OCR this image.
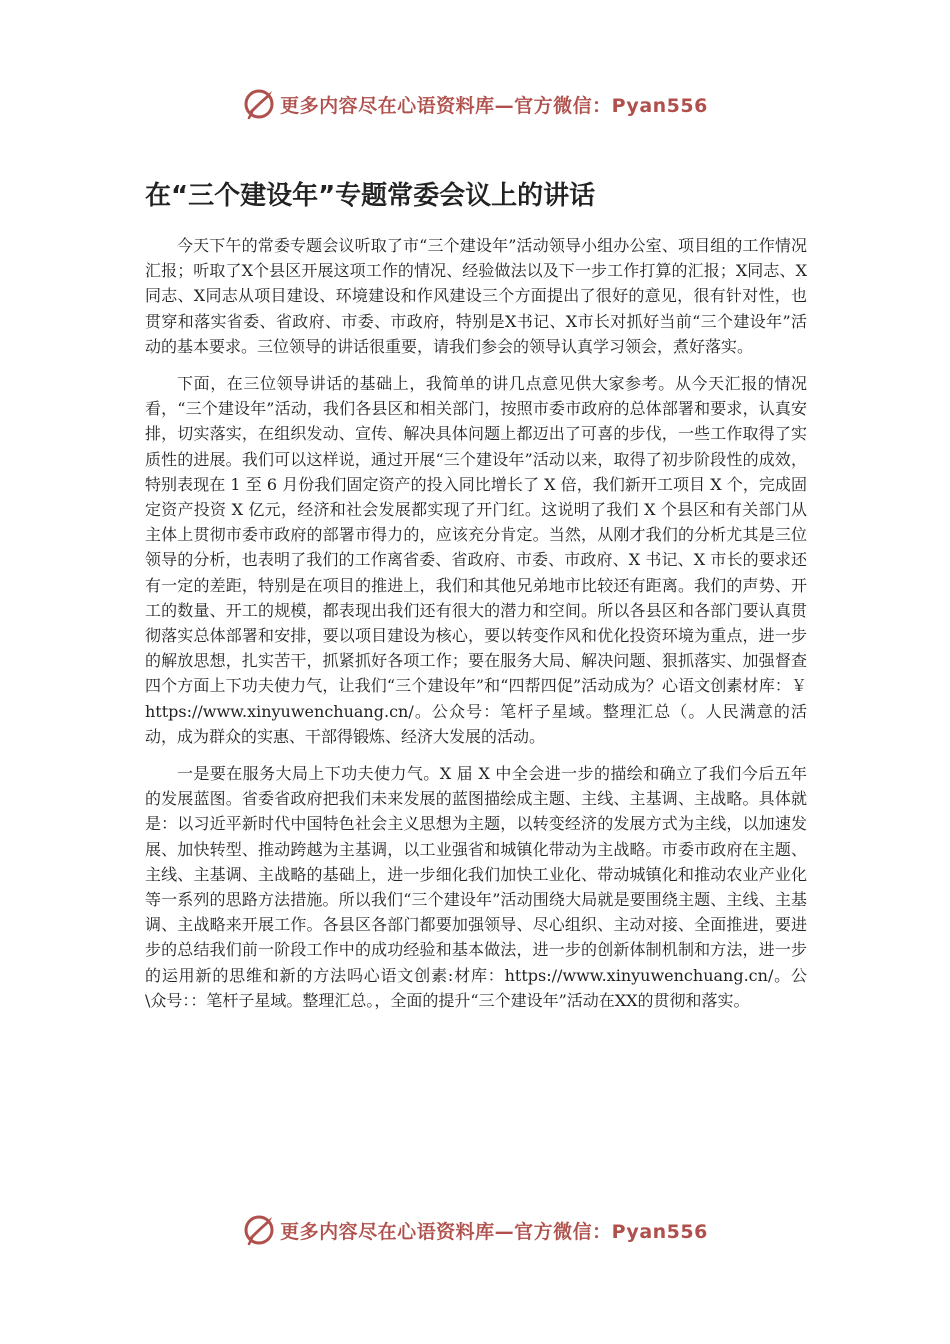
更多内容尽在心语资料库—官方微信：Pyan556
在“三个建设年”专题常委会议上的讲话

今天下午的常委专题会议听取了市“三个建设年”活动领导小组办公室、项目组的工作情况汇报；听取了X个县区开展这项工作的情况、经验做法以及下一步工作打算的汇报；X同志、X同志、X同志从项目建设、环境建设和作风建设三个方面提出了很好的意见，很有针对性，也贯穿和落实省委、省政府、市委、市政府，特别是X书记、X市长对抓好当前“三个建设年”活动的基本要求。三位领导的讲话很重要，请我们参会的领导认真学习领会，煮好落实。

下面，在三位领导讲话的基础上，我简单的讲几点意见供大家参考。从今天汇报的情况看，“三个建设年”活动，我们各县区和相关部门，按照市委市政府的总体部署和要求，认真安排，切实落实，在组织发动、宣传、解决具体问题上都迈出了可喜的步伐，一些工作取得了实质性的进展。我们可以这样说，通过开展“三个建设年”活动以来，取得了初步阶段性的成效，特别表现在 1 至 6 月份我们固定资产的投入同比增长了 X 倍，我们新开工项目 X 个，完成固定资产投资 X 亿元，经济和社会发展都实现了开门红。这说明了我们 X 个县区和有关部门从主体上贯彻市委市政府的部署市得力的，应该充分肯定。当然，从刚才我们的分析尤其是三位领导的分析，也表明了我们的工作离省委、省政府、市委、市政府、X 书记、X 市长的要求还有一定的差距，特别是在项目的推进上，我们和其他兄弟地市比较还有距离。我们的声势、开工的数量、开工的规模，都表现出我们还有很大的潜力和空间。所以各县区和各部门要认真贯彻落实总体部署和安排，要以项目建设为核心，要以转变作风和优化投资环境为重点，进一步的解放思想，扎实苦干，抓紧抓好各项工作；要在服务大局、解决问题、狠抓落实、加强督查四个方面上下功夫使力气，让我们“三个建设年”和“四帮四促”活动成为？心语文创素材库：￥ https://www.xinyuwenchuang.cn/。公众号：笔杆子星域。整理汇总（。人民满意的活动，成为群众的实惠、干部得锻炼、经济大发展的活动。

一是要在服务大局上下功夫使力气。X 届 X 中全会进一步的描绘和确立了我们今后五年的发展蓝图。省委省政府把我们未来发展的蓝图描绘成主题、主线、主基调、主战略。具体就是：以习近平新时代中国特色社会主义思想为主题，以转变经济的发展方式为主线，以加速发展、加快转型、推动跨越为主基调，以工业强省和城镇化带动为主战略。市委市政府在主题、主线、主基调、主战略的基础上，进一步细化我们加快工业化、带动城镇化和推动农业产业化等一系列的思路方法措施。所以我们“三个建设年”活动围绕大局就是要围绕主题、主线、主基调、主战略来开展工作。各县区各部门都要加强领导、尽心组织、主动对接、全面推进，要进步的总结我们前一阶段工作中的成功经验和基本做法，进一步的创新体制机制和方法，进一步的运用新的思维和新的方法吗心语文创素:材库：https://www.xinyuwenchuang.cn/。公\众号：：笔杆子星域。整理汇总。，全面的提升“三个建设年”活动在XX的贯彻和落实。

更多内容尽在心语资料库—官方微信：Pyan556
